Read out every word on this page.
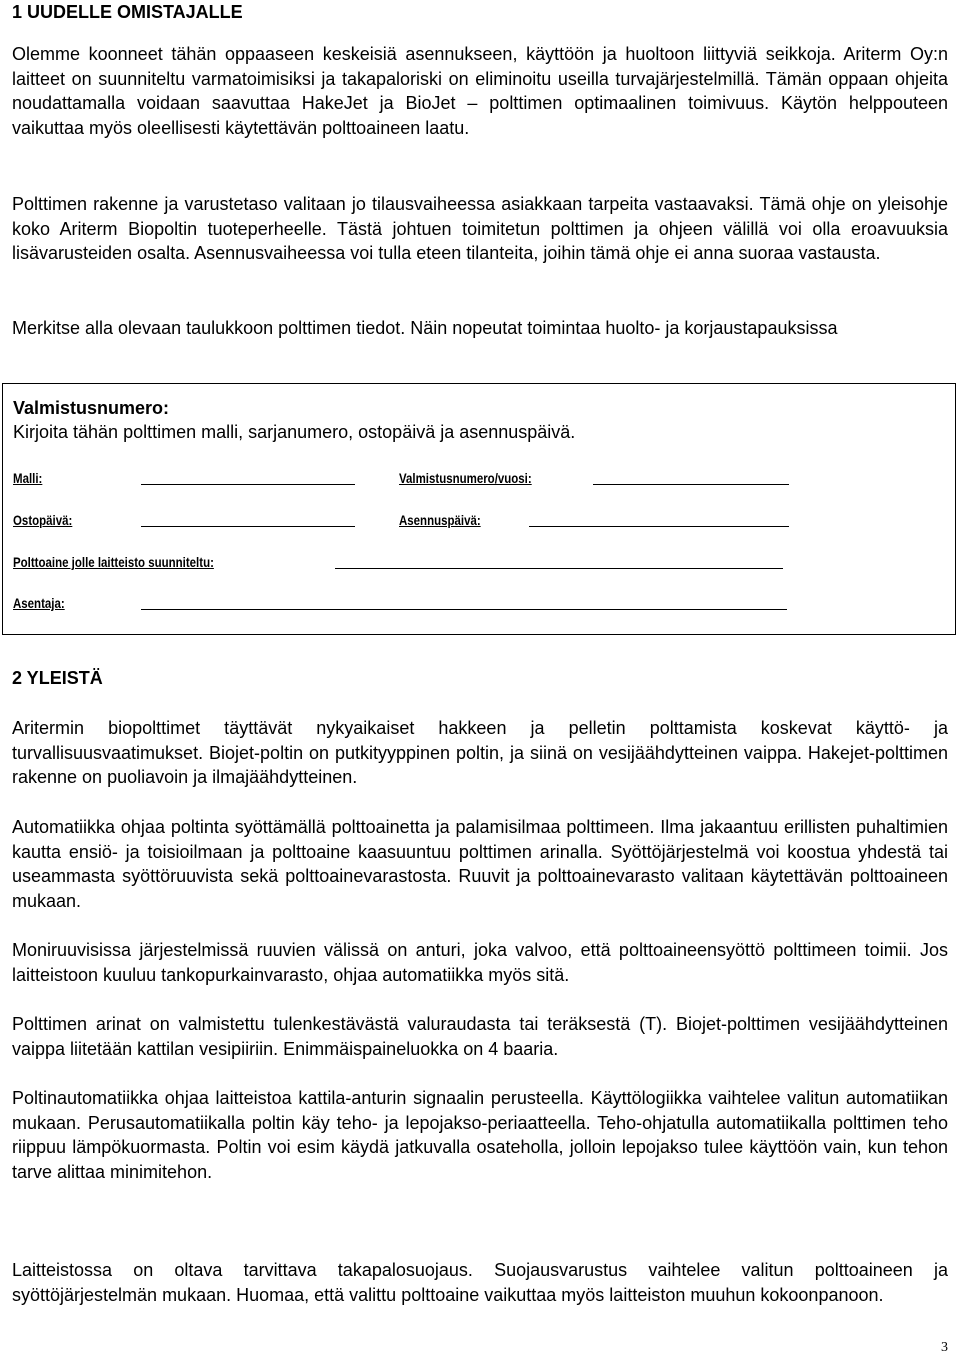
1 UUDELLE OMISTAJALLE

Olemme koonneet tähän oppaaseen keskeisiä asennukseen, käyttöön ja huoltoon liittyviä seikkoja. Ariterm Oy:n laitteet on suunniteltu varmatoimisiksi ja takapaloriski on eliminoitu useilla turvajärjestelmillä. Tämän oppaan ohjeita noudattamalla voidaan saavuttaa HakeJet ja BioJet – polttimen optimaalinen toimivuus. Käytön helppouteen vaikuttaa myös oleellisesti käytettävän polttoaineen laatu.

Polttimen rakenne ja varustetaso valitaan jo tilausvaiheessa asiakkaan tarpeita vastaavaksi. Tämä ohje on yleisohje koko Ariterm Biopoltin tuoteperheelle. Tästä johtuen toimitetun polttimen ja ohjeen välillä voi olla eroavuuksia lisävarusteiden osalta. Asennusvaiheessa voi tulla eteen tilanteita, joihin tämä ohje ei anna suoraa vastausta.

Merkitse alla olevaan taulukkoon polttimen tiedot. Näin nopeutat toimintaa huolto- ja korjaustapauksissa

Valmistusnumero:
Kirjoita tähän polttimen malli, sarjanumero, ostopäivä ja asennuspäivä.
Malli:	Valmistusnumero/vuosi:
Ostopäivä:	Asennuspäivä:
Polttoaine jolle laitteisto suunniteltu:
Asentaja:
2 YLEISTÄ

Aritermin biopolttimet täyttävät nykyaikaiset hakkeen ja pelletin polttamista koskevat käyttö- ja turvallisuusvaatimukset. Biojet-poltin on putkityyppinen poltin, ja siinä on vesijäähdytteinen vaippa. Hakejet-polttimen rakenne on puoliavoin ja ilmajäähdytteinen.

Automatiikka ohjaa poltinta syöttämällä polttoainetta ja palamisilmaa polttimeen. Ilma jakaantuu erillisten puhaltimien kautta ensiö- ja toisioilmaan ja polttoaine kaasuuntuu polttimen arinalla. Syöttöjärjestelmä voi koostua yhdestä tai useammasta syöttöruuvista sekä polttoainevarastosta. Ruuvit ja polttoainevarasto valitaan käytettävän polttoaineen mukaan.

Moniruuvisissa järjestelmissä ruuvien välissä on anturi, joka valvoo, että polttoaineensyöttö polttimeen toimii. Jos laitteistoon kuuluu tankopurkainvarasto, ohjaa automatiikka myös sitä.

Polttimen arinat on valmistettu tulenkestävästä valuraudasta tai teräksestä (T). Biojet-polttimen vesijäähdytteinen vaippa liitetään kattilan vesipiiriin. Enimmäispaineluokka on 4 baaria.

Poltinautomatiikka ohjaa laitteistoa kattila-anturin signaalin perusteella. Käyttölogiikka vaihtelee valitun automatiikan mukaan. Perusautomatiikalla poltin käy teho- ja lepojakso-periaatteella. Teho-ohjatulla automatiikalla polttimen teho riippuu lämpökuormasta. Poltin voi esim käydä jatkuvalla osateholla, jolloin lepojakso tulee käyttöön vain, kun tehon tarve alittaa minimitehon.

Laitteistossa on oltava tarvittava takapalosuojaus. Suojausvarustus vaihtelee valitun polttoaineen ja syöttöjärjestelmän mukaan. Huomaa, että valittu polttoaine vaikuttaa myös laitteiston muuhun kokoonpanoon.

3
